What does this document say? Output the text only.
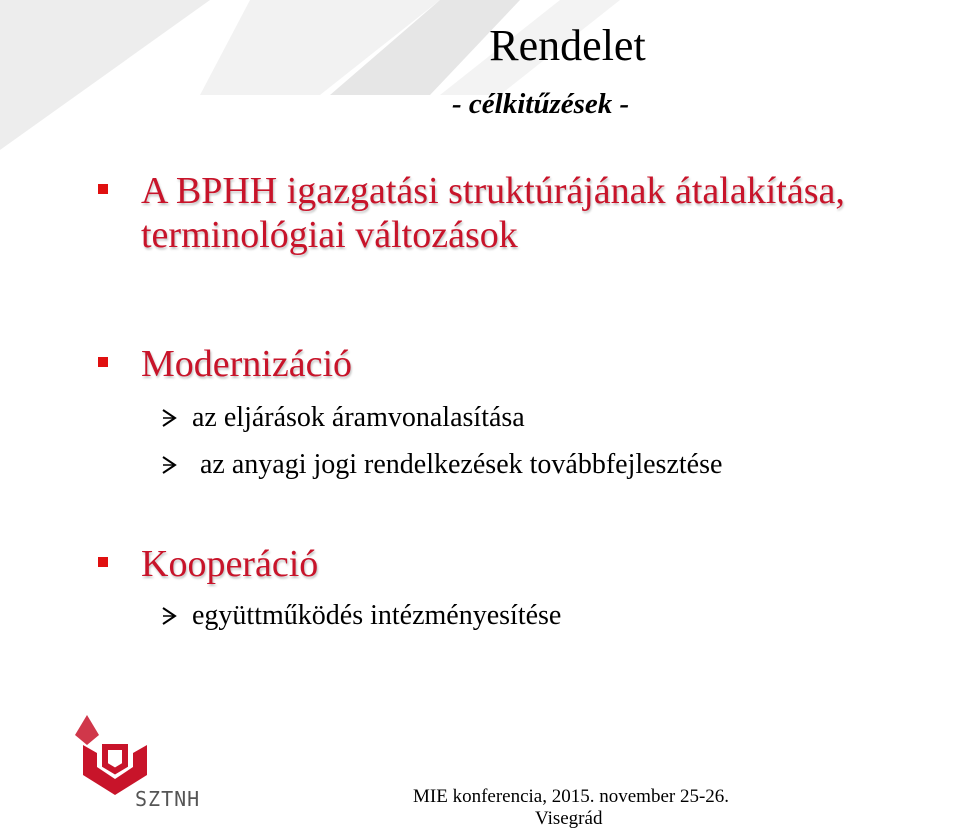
Rendelet
- célkitűzések -
A BPHH igazgatási struktúrájának átalakítása,
terminológiai változások
Modernizáció
az eljárások áramvonalasítása
az anyagi jogi rendelkezések továbbfejlesztése
Kooperáció
együttműködés intézményesítése
SZTNH	MIE konferencia, 2015. november 25-26.
Visegrád
